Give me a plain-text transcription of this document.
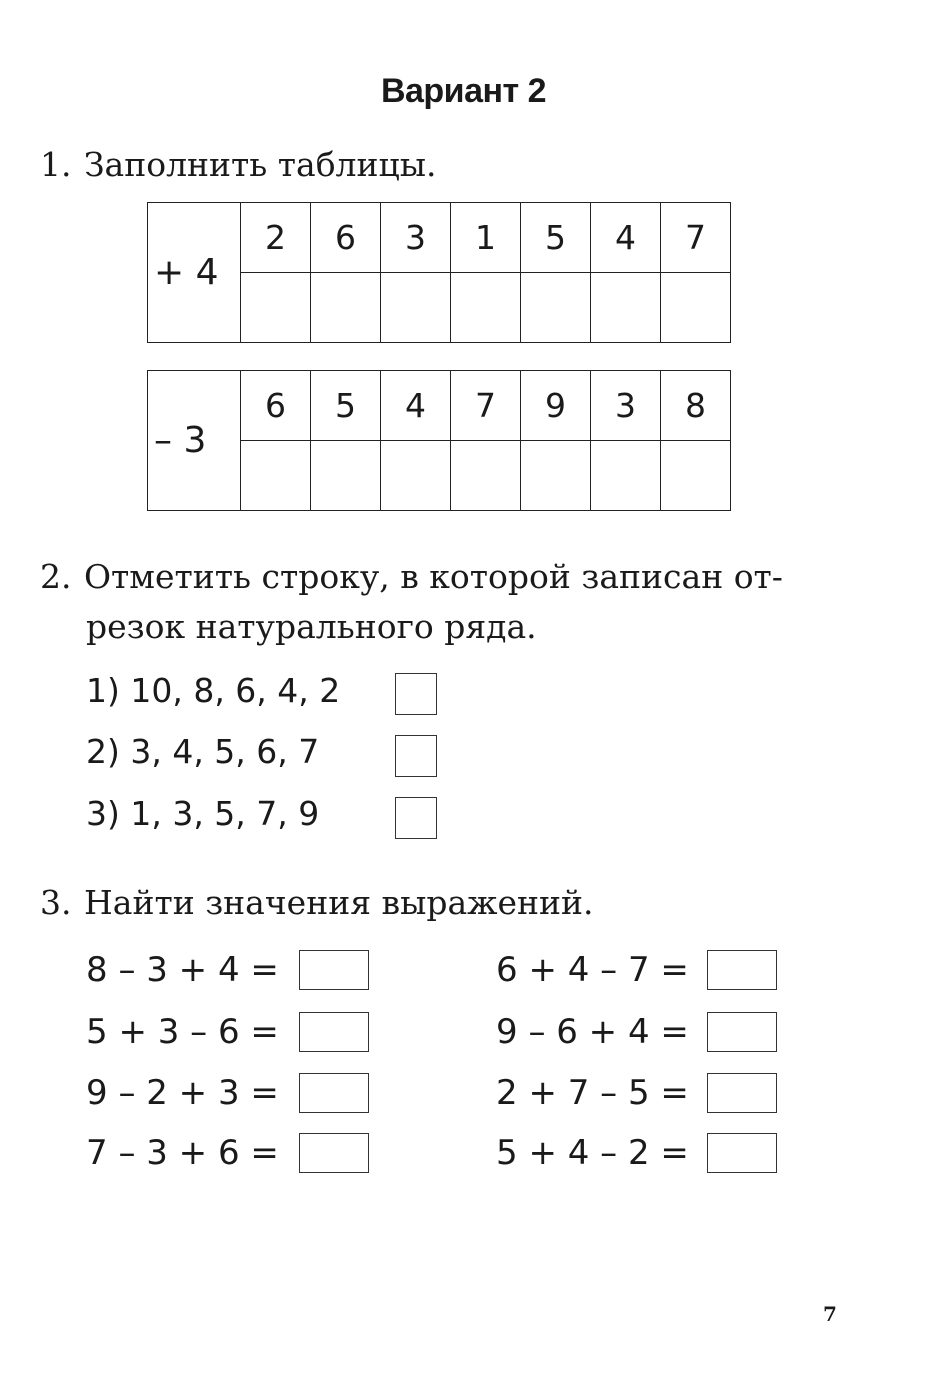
Вариант 2
1. Заполнить таблицы.
+ 4	2	6	3	1	5	4	7

– 3	6	5	4	7	9	3	8

2. Отметить строку, в которой записан от-
резок натурального ряда.
1) 10, 8, 6, 4, 2
2) 3, 4, 5, 6, 7
3) 1, 3, 5, 7, 9
3. Найти значения выражений.
8 – 3 + 4 =
5 + 3 – 6 =
9 – 2 + 3 =
7 – 3 + 6 =
6 + 4 – 7 =
9 – 6 + 4 =
2 + 7 – 5 =
5 + 4 – 2 =
7
